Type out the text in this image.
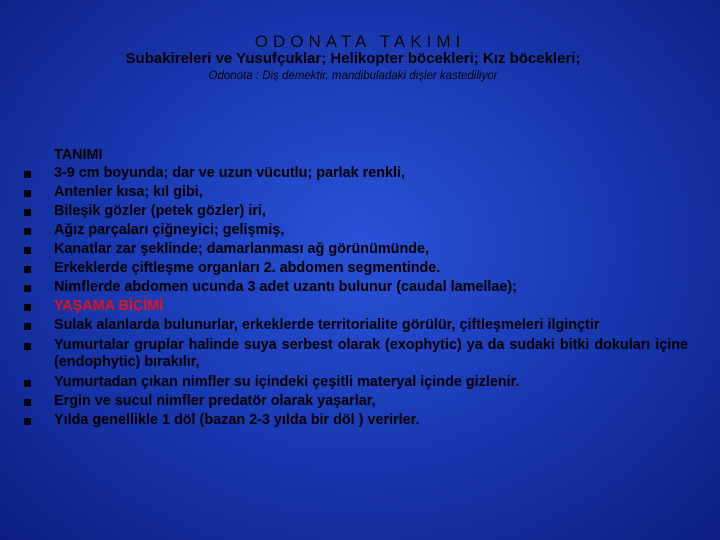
ODONATA TAKIMI
Subakireleri ve Yusufçuklar; Helikopter böcekleri; Kız böcekleri;
Odonota : Diş demektir, mandibuladaki dişler kastediliyor

TANIMI

3-9 cm boyunda; dar ve uzun vücutlu; parlak renkli,
Antenler kısa; kıl gibi,
Bileşik gözler (petek gözler) iri,
Ağız parçaları çiğneyici; gelişmiş,
Kanatlar zar şeklinde; damarlanması ağ görünümünde,
Erkeklerde çiftleşme organları 2. abdomen segmentinde.
Nimflerde abdomen ucunda 3 adet uzantı bulunur (caudal lamellae);
YAŞAMA BİÇİMİ
Sulak alanlarda bulunurlar, erkeklerde territorialite görülür, çiftleşmeleri ilginçtir
Yumurtalar gruplar halinde suya serbest olarak (exophytic) ya da sudaki bitki dokuları içine (endophytic) bırakılır,
Yumurtadan çıkan nimfler su içindeki çeşitli materyal içinde gizlenir.
Ergin ve sucul nimfler predatör olarak yaşarlar,
Yılda genellikle 1 döl (bazan 2-3 yılda bir döl ) verirler.
